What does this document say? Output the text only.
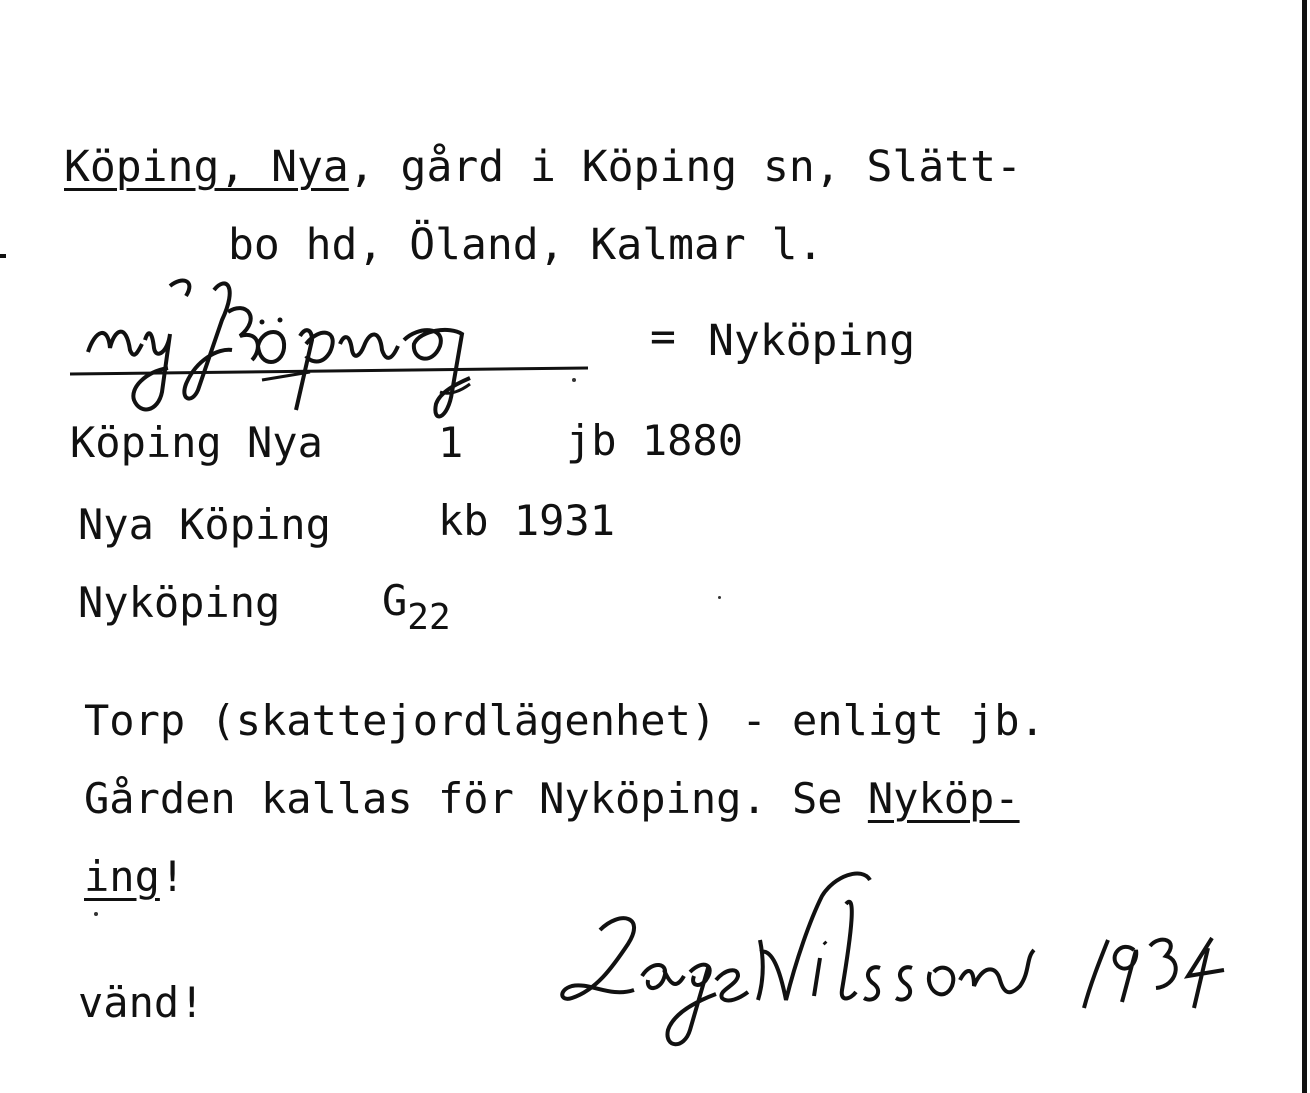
Köping, Nya, gård i Köping sn, Slätt-
bo hd, Öland, Kalmar l.
= Nyköping
Köping Nya	1 jb 1880
Nya Köping	kb 1931
Nyköping G22
Torp (skattejordlägenhet) - enligt jb.
Gården kallas för Nyköping. Se Nyköp-
ing!
vänd!
